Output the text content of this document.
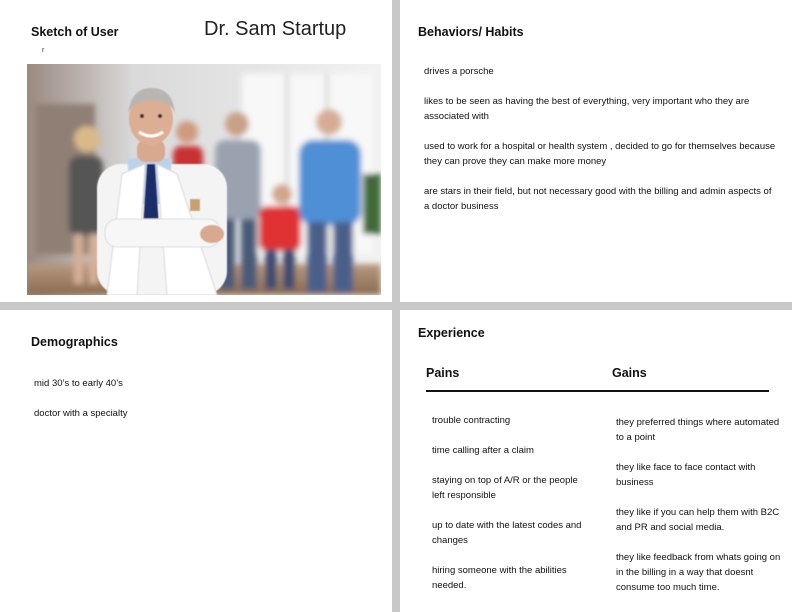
Sketch of User	Dr. Sam Startup
r
Behaviors/ Habits
drives a porsche
likes to be seen as having the best of everything, very important who they are associated with
used to work for a hospital or health system , decided to go for themselves because they can prove they can make more money
are stars in their field, but not necessary good with the billing and admin aspects of a doctor business
Demographics
mid 30’s to early 40’s
doctor with a specialty
Experience
Pains	Gains
trouble contracting
time calling after a claim
staying on top of A/R or the people left responsible
up to date with the latest codes and changes
hiring someone with the abilities needed.
they preferred things where automated to a point
they like face to face contact with business
they like if you can help them with B2C and PR and social media.
they like feedback from whats going on in the billing in a way that doesnt consume too much time.
